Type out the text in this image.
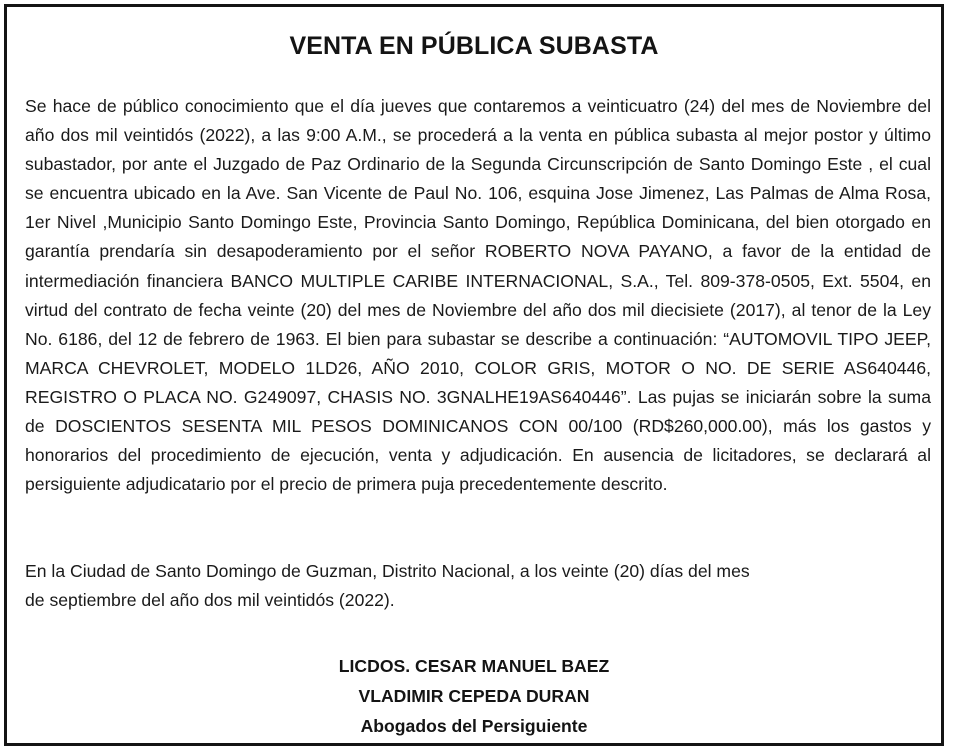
VENTA EN PÚBLICA SUBASTA

Se hace de público conocimiento que el día jueves que contaremos a veinticuatro (24) del mes de Noviembre del año dos mil veintidós (2022), a las 9:00 A.M., se procederá a la venta en pública subasta al mejor postor y último subastador, por ante el Juzgado de Paz Ordinario de la Segunda Circunscripción de Santo Domingo Este , el cual se encuentra ubicado en la Ave. San Vicente de Paul No. 106, esquina Jose Jimenez, Las Palmas de Alma Rosa, 1er Nivel ,Municipio Santo Domingo Este, Provincia Santo Domingo, República Dominicana, del bien otorgado en garantía prendaría sin desapoderamiento por el señor ROBERTO NOVA PAYANO, a favor de la entidad de intermediación financiera BANCO MULTIPLE CARIBE INTERNACIONAL, S.A., Tel. 809-378-0505, Ext. 5504, en virtud del contrato de fecha veinte (20) del mes de Noviembre del año dos mil diecisiete (2017), al tenor de la Ley No. 6186, del 12 de febrero de 1963. El bien para subastar se describe a continuación: “AUTOMOVIL TIPO JEEP, MARCA CHEVROLET, MODELO 1LD26, AÑO 2010, COLOR GRIS, MOTOR O NO. DE SERIE AS640446, REGISTRO O PLACA NO. G249097, CHASIS NO. 3GNALHE19AS640446”. Las pujas se iniciarán sobre la suma de DOSCIENTOS SESENTA MIL PESOS DOMINICANOS CON 00/100 (RD$260,000.00), más los gastos y honorarios del procedimiento de ejecución, venta y adjudicación. En ausencia de licitadores, se declarará al persiguiente adjudicatario por el precio de primera puja precedentemente descrito.

En la Ciudad de Santo Domingo de Guzman, Distrito Nacional, a los veinte (20) días del mes
de septiembre del año dos mil veintidós (2022).
LICDOS. CESAR MANUEL BAEZ
VLADIMIR CEPEDA DURAN
Abogados del Persiguiente
